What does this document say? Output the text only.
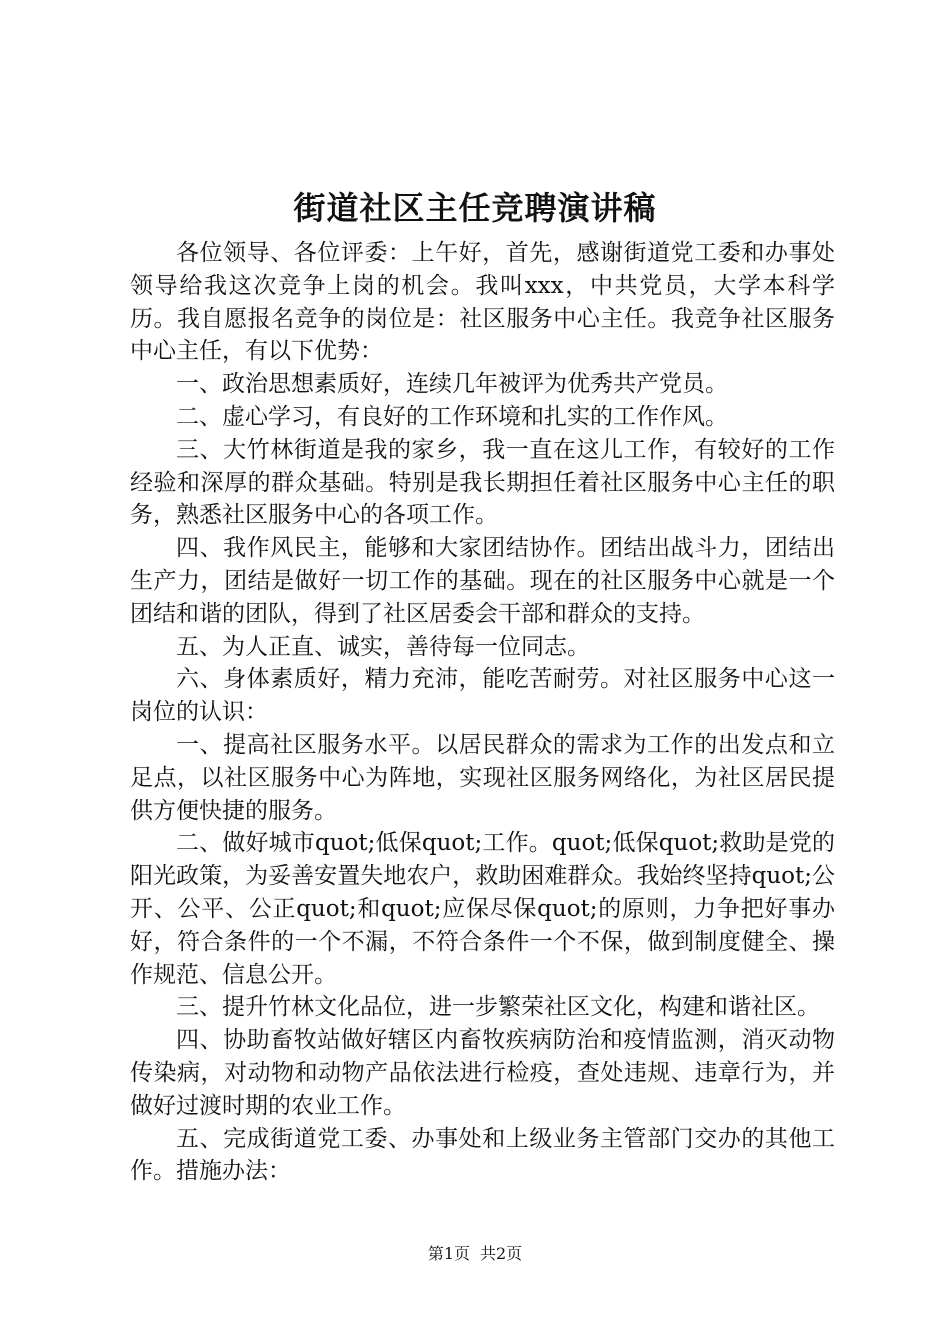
街道社区主任竞聘演讲稿

各位领导、各位评委：上午好，首先，感谢街道党工委和办事处领导给我这次竞争上岗的机会。我叫xxx，中共党员，大学本科学历。我自愿报名竞争的岗位是：社区服务中心主任。我竞争社区服务中心主任，有以下优势：

一、政治思想素质好，连续几年被评为优秀共产党员。

二、虚心学习，有良好的工作环境和扎实的工作作风。

三、大竹林街道是我的家乡，我一直在这儿工作，有较好的工作经验和深厚的群众基础。特别是我长期担任着社区服务中心主任的职务，熟悉社区服务中心的各项工作。

四、我作风民主，能够和大家团结协作。团结出战斗力，团结出生产力，团结是做好一切工作的基础。现在的社区服务中心就是一个团结和谐的团队，得到了社区居委会干部和群众的支持。

五、为人正直、诚实，善待每一位同志。

六、身体素质好，精力充沛，能吃苦耐劳。对社区服务中心这一岗位的认识：

一、提高社区服务水平。以居民群众的需求为工作的出发点和立足点，以社区服务中心为阵地，实现社区服务网络化，为社区居民提供方便快捷的服务。

二、做好城市quot;低保quot;工作。quot;低保quot;救助是党的阳光政策，为妥善安置失地农户，救助困难群众。我始终坚持quot;公开、公平、公正quot;和quot;应保尽保quot;的原则，力争把好事办好，符合条件的一个不漏，不符合条件一个不保，做到制度健全、操作规范、信息公开。

三、提升竹林文化品位，进一步繁荣社区文化，构建和谐社区。

四、协助畜牧站做好辖区内畜牧疾病防治和疫情监测，消灭动物传染病，对动物和动物产品依法进行检疫，查处违规、违章行为，并做好过渡时期的农业工作。

五、完成街道党工委、办事处和上级业务主管部门交办的其他工作。措施办法：

第1页 共2页
